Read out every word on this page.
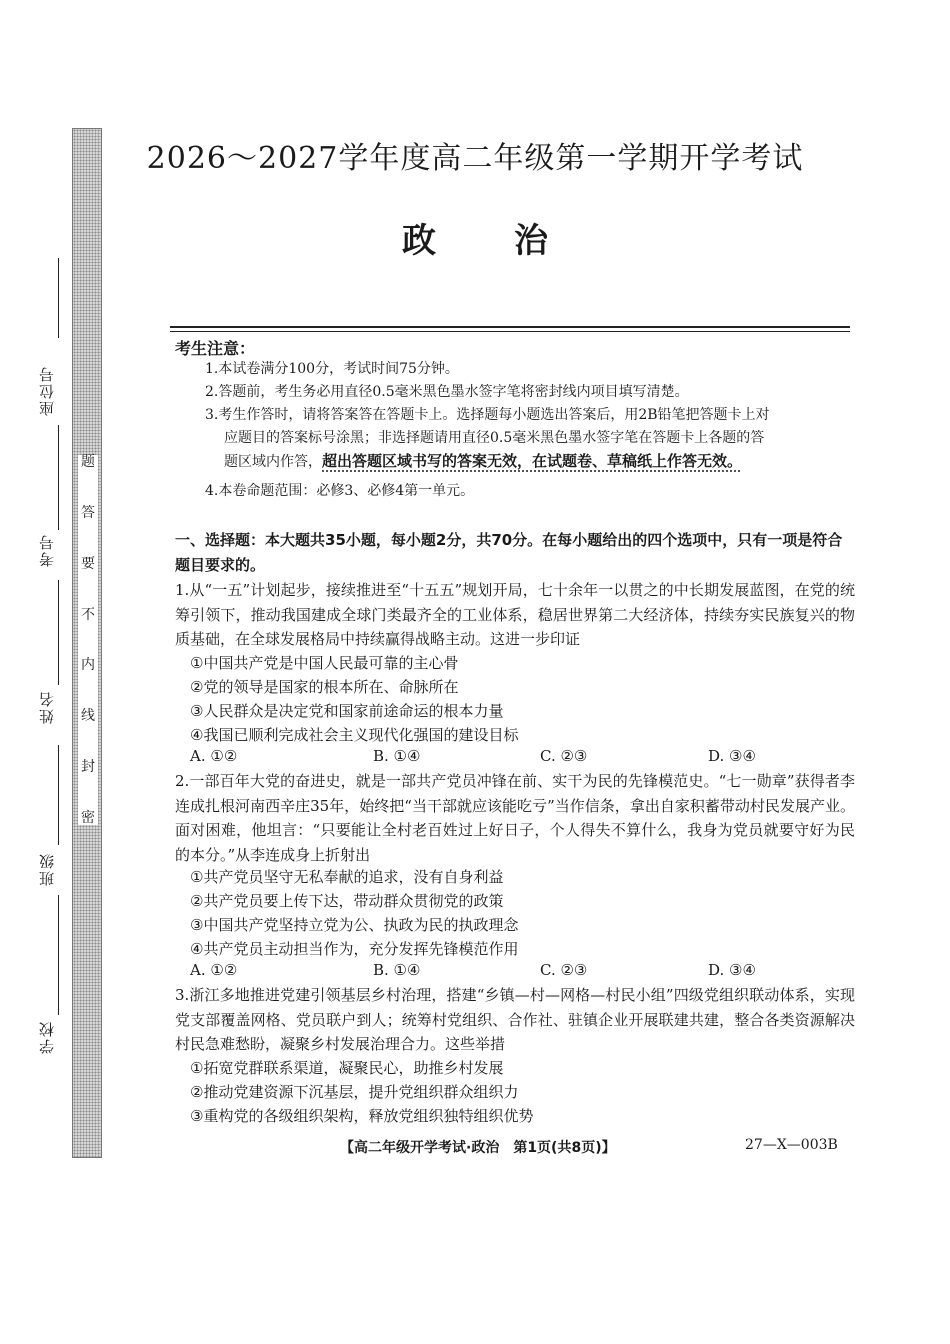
题
答
要
不
内
线
封
密
座位号
考号
姓名
班级
学校
2026～2027学年度高二年级第一学期开学考试
政 治
考生注意：
1.本试卷满分100分，考试时间75分钟。
2.答题前，考生务必用直径0.5毫米黑色墨水签字笔将密封线内项目填写清楚。
3.考生作答时，请将答案答在答题卡上。选择题每小题选出答案后，用2B铅笔把答题卡上对
应题目的答案标号涂黑；非选择题请用直径0.5毫米黑色墨水签字笔在答题卡上各题的答
题区域内作答，超出答题区域书写的答案无效，在试题卷、草稿纸上作答无效。
4.本卷命题范围：必修3、必修4第一单元。
一、选择题：本大题共35小题，每小题2分，共70分。在每小题给出的四个选项中，只有一项是符合题目要求的。

1.从“一五”计划起步，接续推进至“十五五”规划开局，七十余年一以贯之的中长期发展蓝图，在党的统筹引领下，推动我国建成全球门类最齐全的工业体系，稳居世界第二大经济体，持续夯实民族复兴的物质基础，在全球发展格局中持续赢得战略主动。这进一步印证

①中国共产党是中国人民最可靠的主心骨
②党的领导是国家的根本所在、命脉所在
③人民群众是决定党和国家前途命运的根本力量
④我国已顺利完成社会主义现代化强国的建设目标
A. ①②	B. ①④	C. ②③	D. ③④

2.一部百年大党的奋进史，就是一部共产党员冲锋在前、实干为民的先锋模范史。“七一勋章”获得者李连成扎根河南西辛庄35年，始终把“当干部就应该能吃亏”当作信条，拿出自家积蓄带动村民发展产业。面对困难，他坦言：“只要能让全村老百姓过上好日子，个人得失不算什么，我身为党员就要守好为民的本分。”从李连成身上折射出

①共产党员坚守无私奉献的追求，没有自身利益
②共产党员要上传下达，带动群众贯彻党的政策
③中国共产党坚持立党为公、执政为民的执政理念
④共产党员主动担当作为，充分发挥先锋模范作用
A. ①②	B. ①④	C. ②③	D. ③④

3.浙江多地推进党建引领基层乡村治理，搭建“乡镇—村—网格—村民小组”四级党组织联动体系，实现党支部覆盖网格、党员联户到人；统筹村党组织、合作社、驻镇企业开展联建共建，整合各类资源解决村民急难愁盼，凝聚乡村发展治理合力。这些举措

①拓宽党群联系渠道，凝聚民心，助推乡村发展
②推动党建资源下沉基层，提升党组织群众组织力
③重构党的各级组织架构，释放党组织独特组织优势
【高二年级开学考试·政治　第1页(共8页)】	27—X—003B
